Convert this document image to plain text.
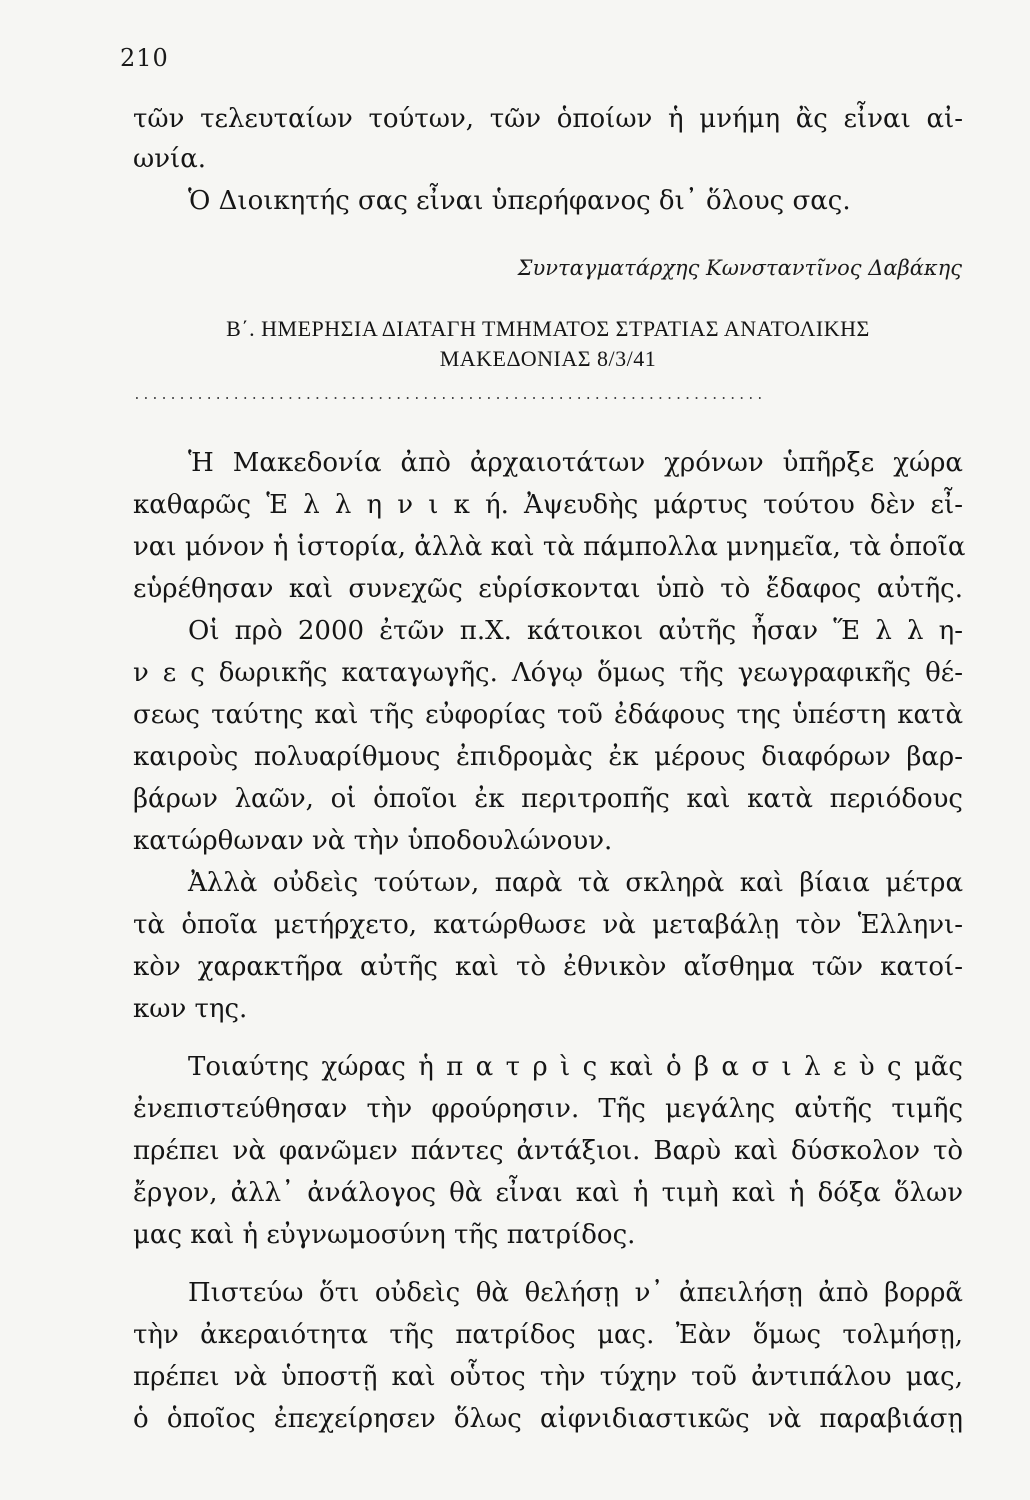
210
τῶν τελευταίων τούτων, τῶν ὁποίων ἡ μνήμη ἂς εἶναι αἰ-
ωνία.
Ὁ Διοικητής σας εἶναι ὑπερήφανος δι᾽ ὅλους σας.
Συνταγματάρχης Κωνσταντῖνος Δαβάκης
Β΄. ΗΜΕΡΗΣΙΑ ΔΙΑΤΑΓΗ ΤΜΗΜΑΤΟΣ ΣΤΡΑΤΙΑΣ ΑΝΑΤΟΛΙΚΗΣ
ΜΑΚΕΔΟΝΙΑΣ 8/3/41
......................................................................
Ἡ Μακεδονία ἀπὸ ἀρχαιοτάτων χρόνων ὑπῆρξε χώρα
καθαρῶς Ἑ λ λ η ν ι κ ή. Ἀψευδὴς μάρτυς τούτου δὲν εἶ-
ναι μόνον ἡ ἱστορία, ἀλλὰ καὶ τὰ πάμπολλα μνημεῖα, τὰ ὁποῖα
εὑρέθησαν καὶ συνεχῶς εὑρίσκονται ὑπὸ τὸ ἔδαφος αὐτῆς.
Οἱ πρὸ 2000 ἐτῶν π.Χ. κάτοικοι αὐτῆς ἦσαν Ἕ λ λ η-
ν ε ς δωρικῆς καταγωγῆς. Λόγῳ ὅμως τῆς γεωγραφικῆς θέ-
σεως ταύτης καὶ τῆς εὐφορίας τοῦ ἐδάφους της ὑπέστη κατὰ
καιροὺς πολυαρίθμους ἐπιδρομὰς ἐκ μέρους διαφόρων βαρ-
βάρων λαῶν, οἱ ὁποῖοι ἐκ περιτροπῆς καὶ κατὰ περιόδους
κατώρθωναν νὰ τὴν ὑποδουλώνουν.
Ἀλλὰ οὐδεὶς τούτων, παρὰ τὰ σκληρὰ καὶ βίαια μέτρα
τὰ ὁποῖα μετήρχετο, κατώρθωσε νὰ μεταβάλῃ τὸν Ἑλληνι-
κὸν χαρακτῆρα αὐτῆς καὶ τὸ ἐθνικὸν αἴσθημα τῶν κατοί-
κων της.
Τοιαύτης χώρας ἡ π α τ ρ ὶ ς καὶ ὁ β α σ ι λ ε ὺ ς μᾶς
ἐνεπιστεύθησαν τὴν φρούρησιν. Τῆς μεγάλης αὐτῆς τιμῆς
πρέπει νὰ φανῶμεν πάντες ἀντάξιοι. Βαρὺ καὶ δύσκολον τὸ
ἔργον, ἀλλ᾽ ἀνάλογος θὰ εἶναι καὶ ἡ τιμὴ καὶ ἡ δόξα ὅλων
μας καὶ ἡ εὐγνωμοσύνη τῆς πατρίδος.
Πιστεύω ὅτι οὐδεὶς θὰ θελήσῃ ν᾽ ἀπειλήσῃ ἀπὸ βορρᾶ
τὴν ἀκεραιότητα τῆς πατρίδος μας. Ἐὰν ὅμως τολμήσῃ,
πρέπει νὰ ὑποστῇ καὶ οὗτος τὴν τύχην τοῦ ἀντιπάλου μας,
ὁ ὁποῖος ἐπεχείρησεν ὅλως αἰφνιδιαστικῶς νὰ παραβιάσῃ
